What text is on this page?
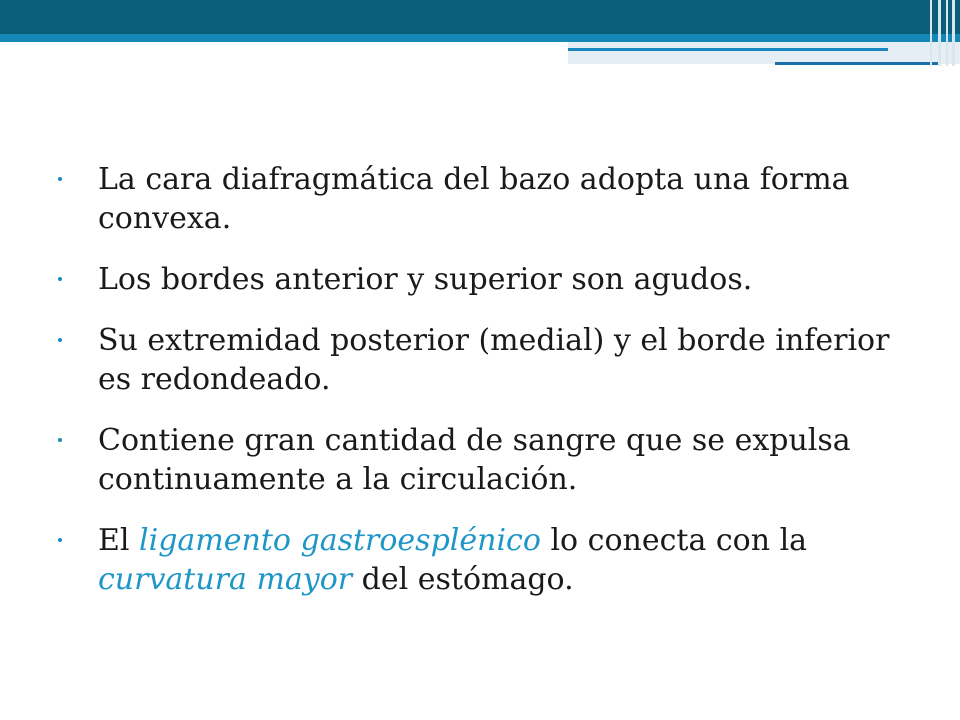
La cara diafragmática del bazo adopta una forma convexa.
Los bordes anterior y superior son agudos.
Su extremidad posterior (medial) y el borde inferior es redondeado.
Contiene gran cantidad de sangre que se expulsa continuamente a la circulación.
El ligamento gastroesplénico lo conecta con la curvatura mayor del estómago.
